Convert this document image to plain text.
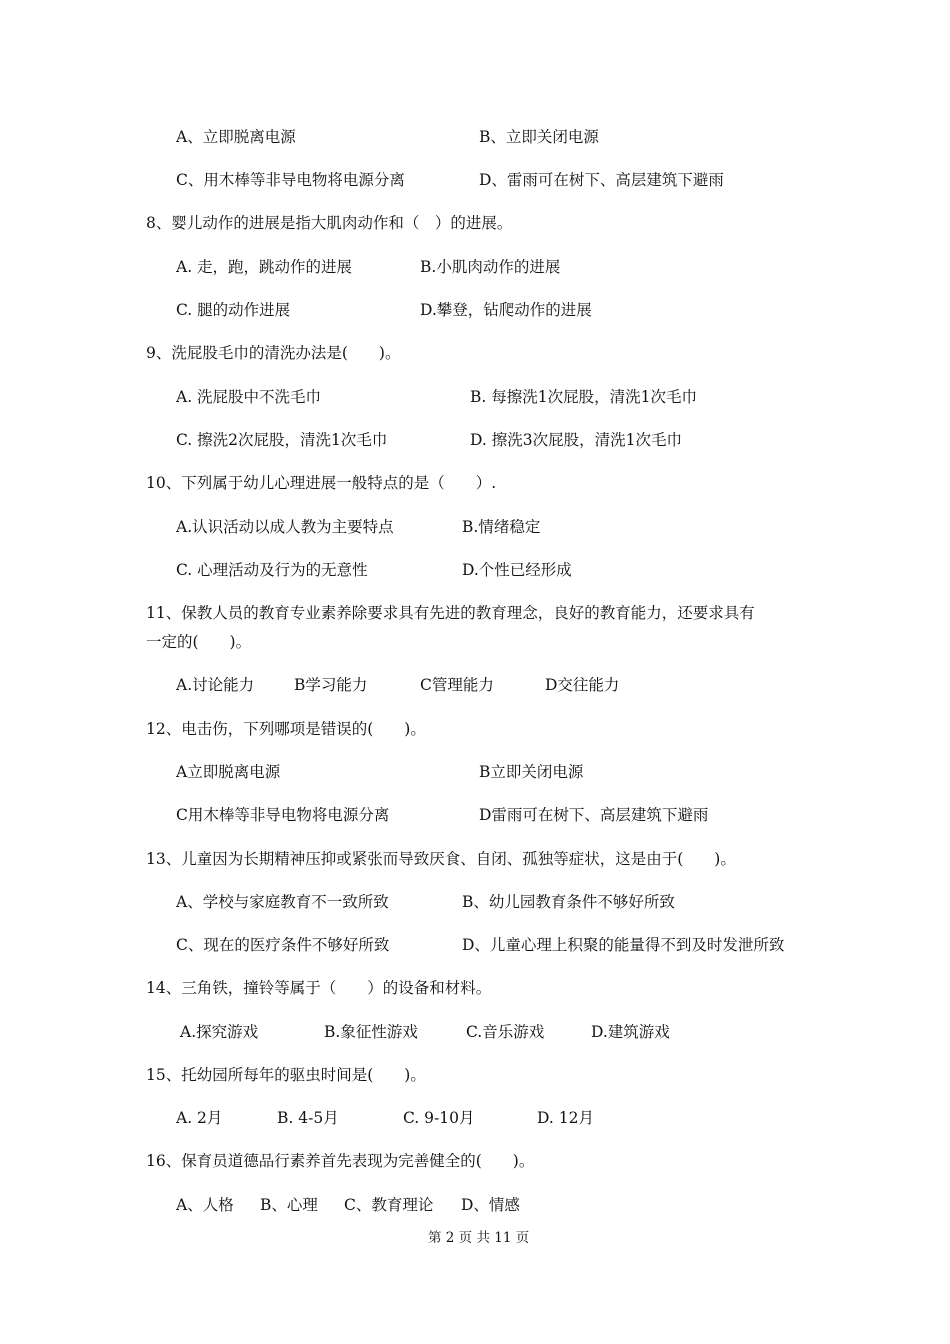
A、立即脱离电源	B、立即关闭电源
C、用木棒等非导电物将电源分离	D、雷雨可在树下、高层建筑下避雨
8、婴儿动作的进展是指大肌肉动作和（　）的进展。
A. 走，跑，跳动作的进展	B.小肌肉动作的进展
C. 腿的动作进展	D.攀登，钻爬动作的进展
9、洗屁股毛巾的清洗办法是(　　)。
A. 洗屁股中不洗毛巾	B. 每擦洗1次屁股，清洗1次毛巾
C. 擦洗2次屁股，清洗1次毛巾	D. 擦洗3次屁股，清洗1次毛巾
10、下列属于幼儿心理进展一般特点的是（　　）.
A.认识活动以成人教为主要特点	B.情绪稳定
C. 心理活动及行为的无意性	D.个性已经形成
11、保教人员的教育专业素养除要求具有先进的教育理念，良好的教育能力，还要求具有
一定的(　　)。
A.讨论能力	B学习能力	C管理能力	D交往能力
12、电击伤，下列哪项是错误的(　　)。
A立即脱离电源	B立即关闭电源
C用木棒等非导电物将电源分离	D雷雨可在树下、高层建筑下避雨
13、儿童因为长期精神压抑或紧张而导致厌食、自闭、孤独等症状，这是由于(　　)。
A、学校与家庭教育不一致所致	B、幼儿园教育条件不够好所致
C、现在的医疗条件不够好所致	D、儿童心理上积聚的能量得不到及时发泄所致
14、三角铁，撞铃等属于（　　）的设备和材料。
A.探究游戏	B.象征性游戏	C.音乐游戏	D.建筑游戏
15、托幼园所每年的驱虫时间是(　　)。
A. 2月	B. 4-5月	C. 9-10月	D. 12月
16、保育员道德品行素养首先表现为完善健全的(　　)。
A、人格 B、心理 C、教育理论 D、情感
第 2 页 共 11 页
